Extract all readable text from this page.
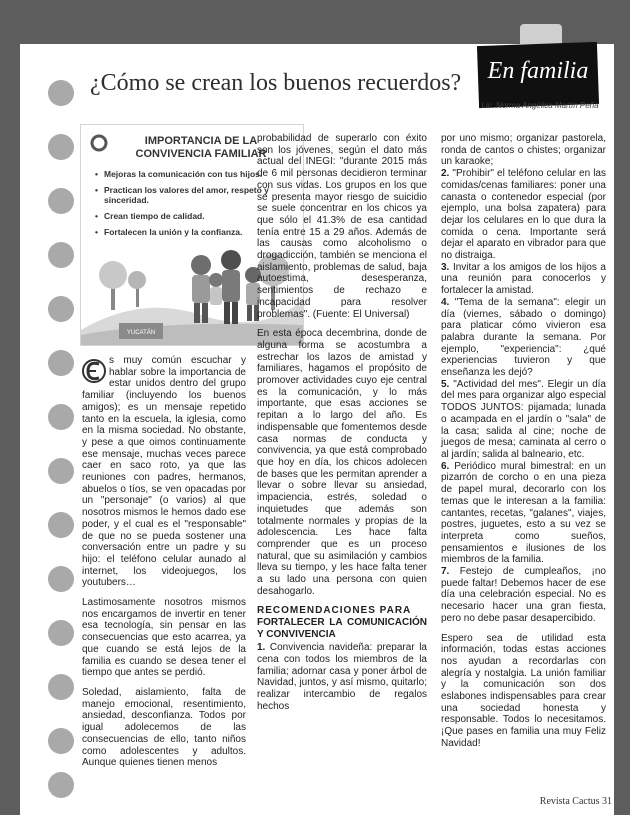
¿Cómo se crean los buenos recuerdos?	En familia
Lic. Norma Angélica Martín Peña
YUCATÁN
IMPORTANCIA DE LA CONVIVENCIA FAMILIAR
• Mejoras la comunicación con tus hijos.
• Practican los valores del amor, respeto y sinceridad.
• Crean tiempo de calidad.
• Fortalecen la unión y la confianza.

s muy común escuchar y hablar sobre la importancia de estar unidos dentro del grupo familiar (incluyendo los buenos amigos); es un mensaje repetido tanto en la escuela, la iglesia, como en la misma sociedad. No obstante, y pese a que oimos continuamente ese mensaje, muchas veces parece caer en saco roto, ya que las reuniones con padres, hermanos, abuelos o tíos, se ven opacadas por un "personaje" (o varios) al que nosotros mismos le hemos dado ese poder, y el cual es el "responsable" de que no se pueda sostener una conversación entre un padre y su hijo: el teléfono celular aunado al internet, los videojuegos, los youtubers…

Lastimosamente nosotros mismos nos encargamos de invertir en tener esa tecnología, sin pensar en las consecuencias que esto acarrea, ya que cuando se está lejos de la familia es cuando se desea tener el tiempo que antes se perdió.

Soledad, aislamiento, falta de manejo emocional, resentimiento, ansiedad, desconfianza. Todos por igual adolecemos de las consecuencias de ello, tanto niños como adolescentes y adultos. Aunque quienes tienen menos

probabilidad de superarlo con éxito son los jóvenes, según el dato más actual del INEGI: "durante 2015 más de 6 mil personas decidieron terminar con sus vidas. Los grupos en los que se presenta mayor riesgo de suicidio se suele concentrar en los chicos ya que sólo el 41.3% de esa cantidad tenía entre 15 a 29 años. Además de las causas como alcoholismo o drogadicción, también se menciona el aislamiento, problemas de salud, baja autoestima, desesperanza, sentimientos de rechazo e incapacidad para resolver problemas". (Fuente: El Universal)

En esta época decembrina, donde de alguna forma se acostumbra a estrechar los lazos de amistad y familiares, hagamos el propósito de promover actividades cuyo eje central es la comunicación, y lo más importante, que esas acciones se repitan a lo largo del año. Es indispensable que fomentemos desde casa normas de conducta y convivencia, ya que está comprobado que hoy en día, los chicos adolecen de bases que les permitan aprender a llevar o sobre llevar su ansiedad, impaciencia, estrés, soledad o inquietudes que además son totalmente normales y propias de la adolescencia. Les hace falta comprender que es un proceso natural, que su asimilación y cambios lleva su tiempo, y les hace falta tener a su lado una persona con quien desahogarlo.

RECOMENDACIONES PARA
FORTALECER LA COMUNICACIÓN Y CONVIVENCIA

1. Convivencia navideña: preparar la cena con todos los miembros de la familia; adornar casa y poner árbol de Navidad, juntos, y así mismo, quitarlo; realizar intercambio de regalos hechos

por uno mismo; organizar pastorela, ronda de cantos o chistes; organizar un karaoke;

2. "Prohibir" el teléfono celular en las comidas/cenas familiares: poner una canasta o contenedor especial (por ejemplo, una bolsa zapatera) para dejar los celulares en lo que dura la comida o cena. Importante será dejar el aparato en vibrador para que no distraiga.

3. Invitar a los amigos de los hijos a una reunión para conocerlos y fortalecer la amistad.

4. "Tema de la semana": elegir un día (viernes, sábado o domingo) para platicar cómo vivieron esa palabra durante la semana. Por ejemplo, "experiencia": ¿qué experiencias tuvieron y que enseñanza les dejó?

5. "Actividad del mes". Elegir un día del mes para organizar algo especial TODOS JUNTOS: pijamada; lunada o acampada en el jardín o "sala" de la casa; salida al cine; noche de juegos de mesa; caminata al cerro o al jardín; salida al balneario, etc.

6. Periódico mural bimestral: en un pizarrón de corcho o en una pieza de papel mural, decorarlo con los temas que le interesan a la familia: cantantes, recetas, "galanes", viajes, postres, juguetes, esto a su vez se interpreta como sueños, pensamientos e ilusiones de los miembros de la familia.

7. Festejo de cumpleaños, ¡no puede faltar! Debemos hacer de ese día una celebración especial. No es necesario hacer una gran fiesta, pero no debe pasar desapercibido.

Espero sea de utilidad esta información, todas estas acciones nos ayudan a recordarlas con alegría y nostalgia. La unión familiar y la comunicación son dos eslabones indispensables para crear una sociedad honesta y responsable. Todos lo necesitamos. ¡Que pases en familia una muy Feliz Navidad!

Revista Cactus 31
